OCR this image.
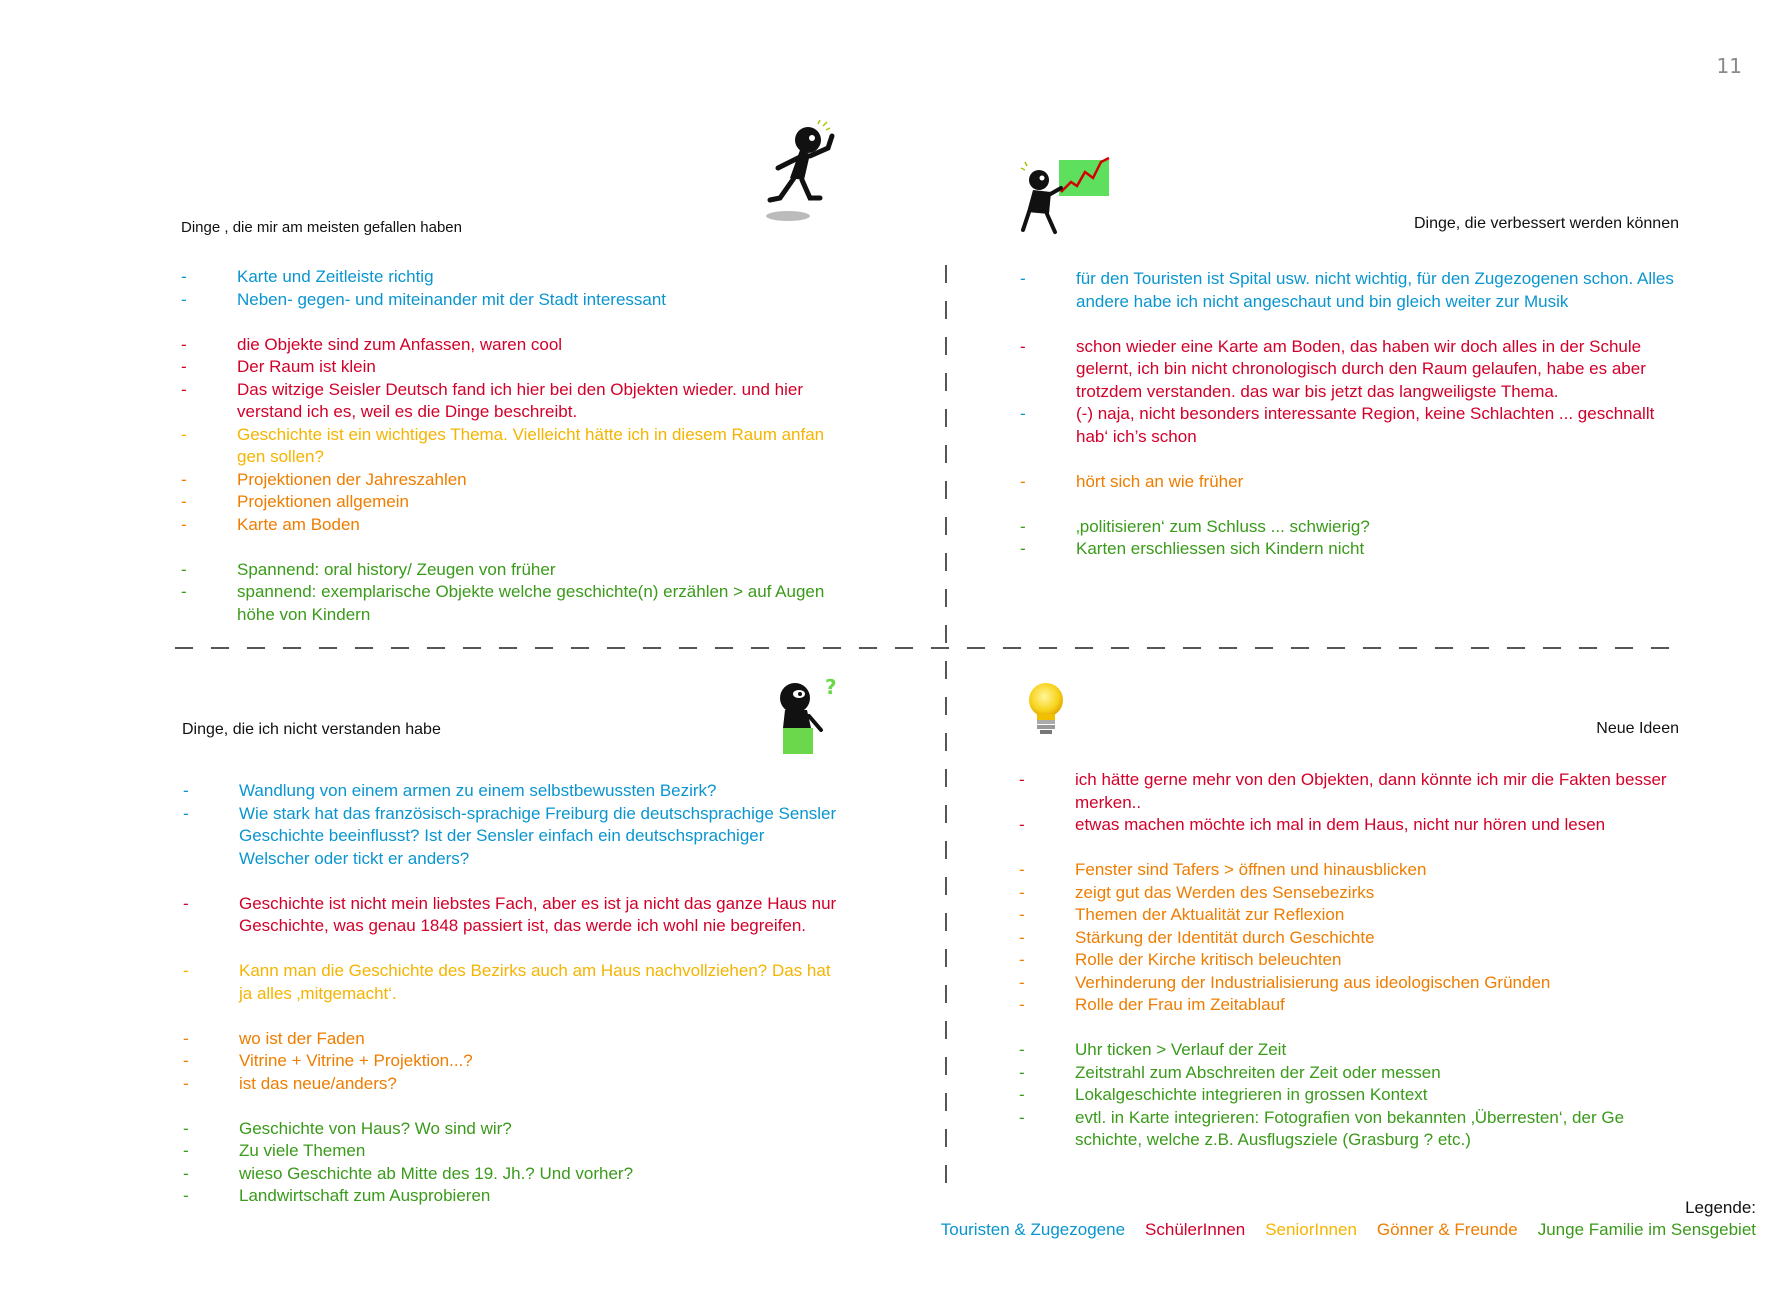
11
?
Dinge , die mir am meisten gefallen haben	Dinge, die verbessert werden können
Dinge, die ich nicht verstanden habe	Neue Ideen
-	Karte und Zeitleiste richtig
-	Neben- gegen- und miteinander mit der Stadt interessant
-	die Objekte sind zum Anfassen, waren cool
-	Der Raum ist klein
-	Das witzige Seisler Deutsch fand ich hier bei den Objekten wieder. und hier verstand ich es, weil es die Dinge beschreibt.
-	Geschichte ist ein wichtiges Thema. Vielleicht hätte ich in diesem Raum anfan gen sollen?
-	Projektionen der Jahreszahlen
-	Projektionen allgemein
-	Karte am Boden
-	Spannend: oral history/ Zeugen von früher
-	spannend: exemplarische Objekte welche geschichte(n) erzählen > auf Augen höhe von Kindern
-	für den Touristen ist Spital usw. nicht wichtig, für den Zugezogenen schon. Alles andere habe ich nicht angeschaut und bin gleich weiter zur Musik
-	schon wieder eine Karte am Boden, das haben wir doch alles in der Schule gelernt, ich bin nicht chronologisch durch den Raum gelaufen, habe es aber trotzdem verstanden. das war bis jetzt das langweiligste Thema.
-	(-) naja, nicht besonders interessante Region, keine Schlachten ... geschnallt hab‘ ich’s schon
-	hört sich an wie früher
-	‚politisieren‘ zum Schluss ... schwierig?
-	Karten erschliessen sich Kindern nicht
-	Wandlung von einem armen zu einem selbstbewussten Bezirk?
-	Wie stark hat das französisch-sprachige Freiburg die deutschsprachige Sensler Geschichte beeinflusst? Ist der Sensler einfach ein deutschsprachiger Welscher oder tickt er anders?
-	Geschichte ist nicht mein liebstes Fach, aber es ist ja nicht das ganze Haus nur Geschichte, was genau 1848 passiert ist, das werde ich wohl nie begreifen.
-	Kann man die Geschichte des Bezirks auch am Haus nachvollziehen? Das hat ja alles ‚mitgemacht‘.
-	wo ist der Faden
-	Vitrine + Vitrine + Projektion...?
-	ist das neue/anders?
-	Geschichte von Haus? Wo sind wir?
-	Zu viele Themen
-	wieso Geschichte ab Mitte des 19. Jh.? Und vorher?
-	Landwirtschaft zum Ausprobieren
-	ich hätte gerne mehr von den Objekten, dann könnte ich mir die Fakten besser merken..
-	etwas machen möchte ich mal in dem Haus, nicht nur hören und lesen
-	Fenster sind Tafers > öffnen und hinausblicken
-	zeigt gut das Werden des Sensebezirks
-	Themen der Aktualität zur Reflexion
-	Stärkung der Identität durch Geschichte
-	Rolle der Kirche kritisch beleuchten
-	Verhinderung der Industrialisierung aus ideologischen Gründen
-	Rolle der Frau im Zeitablauf
-	Uhr ticken > Verlauf der Zeit
-	Zeitstrahl zum Abschreiten der Zeit oder messen
-	Lokalgeschichte integrieren in grossen Kontext
-	evtl. in Karte integrieren: Fotografien von bekannten ‚Überresten‘, der Ge schichte, welche z.B. Ausflugsziele (Grasburg ? etc.)
Legende:
Touristen & Zugezogene SchülerInnen SeniorInnen Gönner & Freunde Junge Familie im Sensgebiet
